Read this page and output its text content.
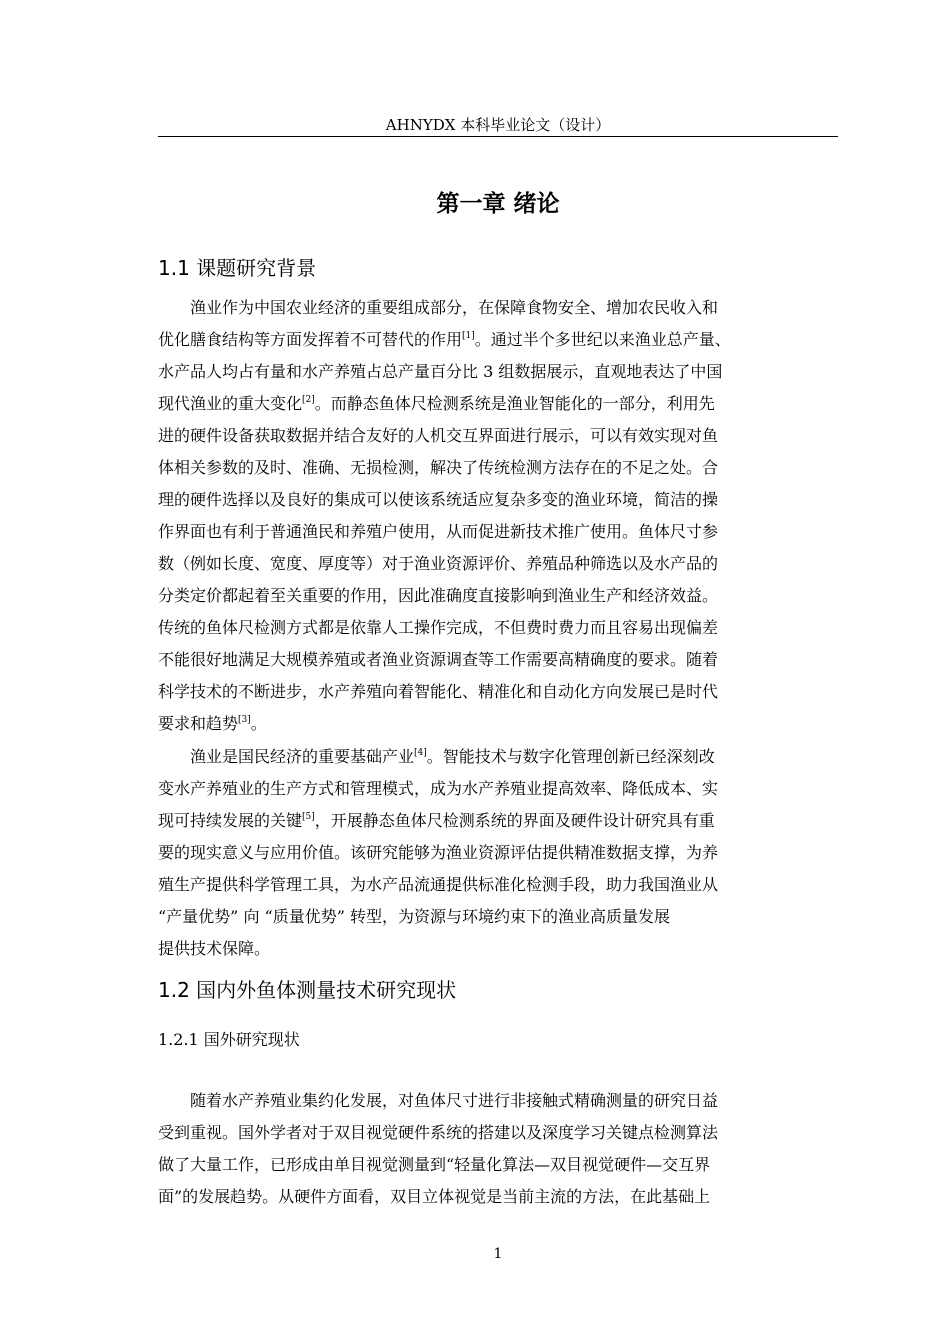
AHNYDX 本科毕业论文（设计）
第一章 绪论
1.1 课题研究背景
渔业作为中国农业经济的重要组成部分，在保障食物安全、增加农民收入和
优化膳食结构等方面发挥着不可替代的作用[1]。通过半个多世纪以来渔业总产量、
水产品人均占有量和水产养殖占总产量百分比 3 组数据展示，直观地表达了中国
现代渔业的重大变化[2]。而静态鱼体尺检测系统是渔业智能化的一部分，利用先
进的硬件设备获取数据并结合友好的人机交互界面进行展示，可以有效实现对鱼
体相关参数的及时、准确、无损检测，解决了传统检测方法存在的不足之处。合
理的硬件选择以及良好的集成可以使该系统适应复杂多变的渔业环境，简洁的操
作界面也有利于普通渔民和养殖户使用，从而促进新技术推广使用。鱼体尺寸参
数（例如长度、宽度、厚度等）对于渔业资源评价、养殖品种筛选以及水产品的
分类定价都起着至关重要的作用，因此准确度直接影响到渔业生产和经济效益。
传统的鱼体尺检测方式都是依靠人工操作完成，不但费时费力而且容易出现偏差
不能很好地满足大规模养殖或者渔业资源调查等工作需要高精确度的要求。随着
科学技术的不断进步，水产养殖向着智能化、精准化和自动化方向发展已是时代
要求和趋势[3]。
渔业是国民经济的重要基础产业[4]。智能技术与数字化管理创新已经深刻改
变水产养殖业的生产方式和管理模式，成为水产养殖业提高效率、降低成本、实
现可持续发展的关键[5]，开展静态鱼体尺检测系统的界面及硬件设计研究具有重
要的现实意义与应用价值。该研究能够为渔业资源评估提供精准数据支撑，为养
殖生产提供科学管理工具，为水产品流通提供标准化检测手段，助力我国渔业从
“产量优势” 向 “质量优势” 转型，为资源与环境约束下的渔业高质量发展
提供技术保障。
1.2 国内外鱼体测量技术研究现状
1.2.1 国外研究现状
随着水产养殖业集约化发展，对鱼体尺寸进行非接触式精确测量的研究日益
受到重视。国外学者对于双目视觉硬件系统的搭建以及深度学习关键点检测算法
做了大量工作，已形成由单目视觉测量到“轻量化算法—双目视觉硬件—交互界
面”的发展趋势。从硬件方面看，双目立体视觉是当前主流的方法，在此基础上
1
